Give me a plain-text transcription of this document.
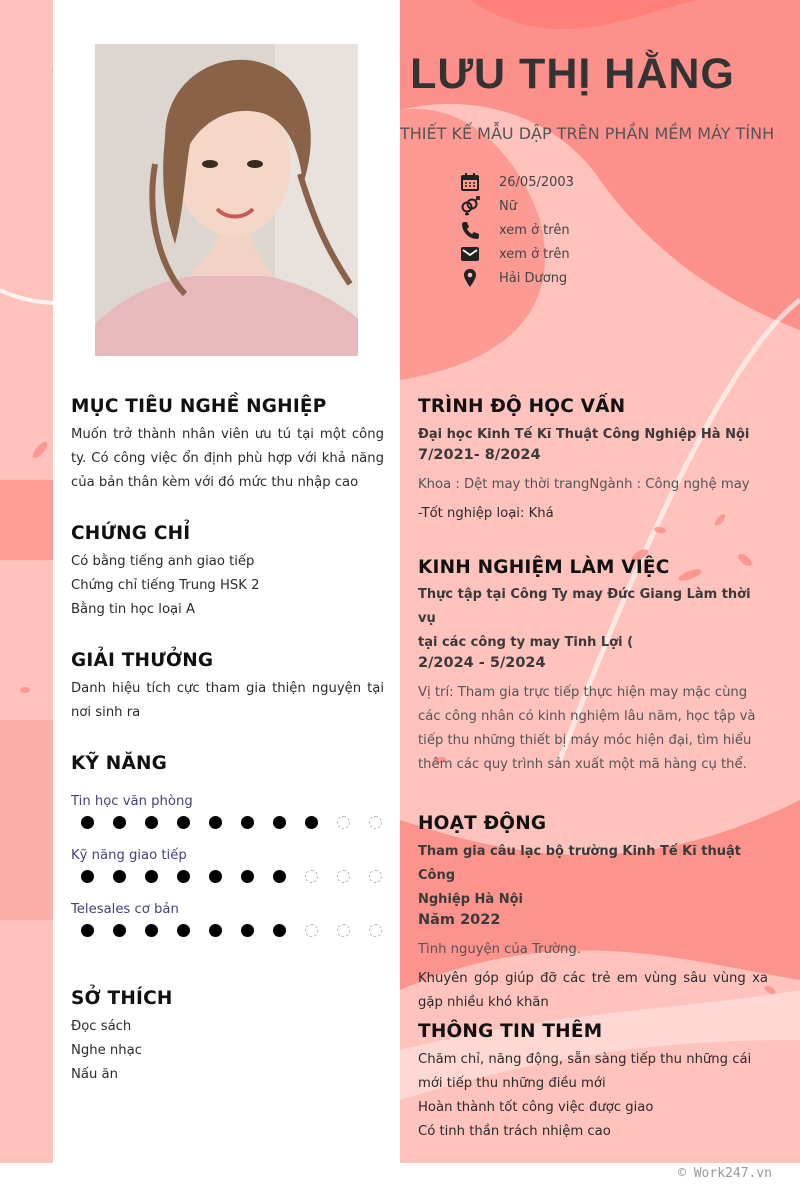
LƯU THỊ HẰNG
THIẾT KẾ MẪU DẬP TRÊN PHẦN MỀM MÁY TÍNH
26/05/2003
Nữ
xem ở trên
xem ở trên
Hải Dương
MỤC TIÊU NGHỀ NGHIỆP
Muốn trở thành nhân viên ưu tú tại một công ty. Có công việc ổn định phù hợp với khả năng của bản thân kèm với đó mức thu nhập cao
CHỨNG CHỈ
Có bằng tiếng anh giao tiếp
Chứng chỉ tiếng Trung HSK 2
Bằng tin học loại A
GIẢI THƯỞNG
Danh hiệu tích cực tham gia thiện nguyện tại nơi sinh ra
KỸ NĂNG
Tin học văn phòng
Kỹ năng giao tiếp
Telesales cơ bản
SỞ THÍCH
Đọc sách
Nghe nhạc
Nấu ăn
TRÌNH ĐỘ HỌC VẤN
Đại học Kinh Tế Kĩ Thuật Công Nghiệp Hà Nội
7/2021- 8/2024
Khoa : Dệt may thời trangNgành : Công nghệ may
-Tốt nghiệp loại: Khá
KINH NGHIỆM LÀM VIỆC
Thực tập tại Công Ty may Đức Giang Làm thời vụ
tại các công ty may Tinh Lợi (
2/2024 - 5/2024
Vị trí: Tham gia trực tiếp thực hiện may mặc cùng các công nhân có kinh nghiệm lâu năm, học tập và tiếp thu những thiết bị máy móc hiện đại, tìm hiểu thêm các quy trình sản xuất một mã hàng cụ thể.
HOẠT ĐỘNG
Tham gia câu lạc bộ trường Kinh Tế Kĩ thuật Công
Nghiệp Hà Nội
Năm 2022
Tình nguyện của Trường.
Khuyên góp giúp đỡ các trẻ em vùng sâu vùng xa gặp nhiều khó khăn
THÔNG TIN THÊM
Chăm chỉ, năng động, sẵn sàng tiếp thu những cái mới tiếp thu những điều mới
Hoàn thành tốt công việc được giao
Có tinh thần trách nhiệm cao
© Work247.vn
